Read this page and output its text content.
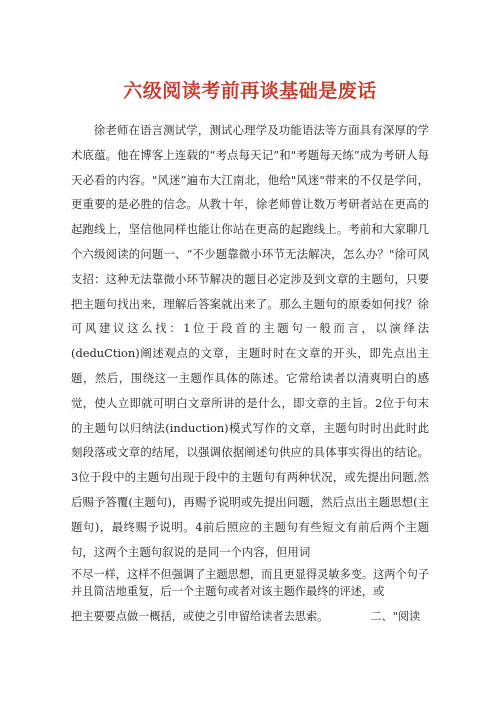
六级阅读考前再谈基础是废话

徐老师在语言测试学，测试心理学及功能语法等方面具有深厚的学术底蕴。他在博客上连载的“考点每天记”和"考题每天练”成为考研人每天必看的内容。"风迷”遍布大江南北，他给"风迷"带来的不仅是学问，更重要的是必胜的信念。从教十年，徐老师曾让数万考研者站在更高的起跑线上，坚信他同样也能让你站在更高的起跑线上。考前和大家聊几个六级阅读的问题一、“不少题靠微小环节无法解决，怎么办？"徐可风支招：这种无法靠微小环节解决的题目必定涉及到文章的主题句，只要把主题句找出来，理解后答案就出来了。那么主题句的原委如何找？徐可风建议这么找：1位于段首的主题句一般而言，以演绎法(deduCtion)阐述观点的文章，主题时时在文章的开头，即先点出主题，然后，围绕这一主题作具体的陈述。它常给读者以清爽明白的感觉，使人立即就可明白文章所讲的是什么，即文章的主旨。2位于句末的主题句以归纳法(induction)模式写作的文章，主题句时时出此时此刻段落或文章的结尾，以强调依据阐述句供应的具体事实得出的结论。3位于段中的主题句出现于段中的主题句有两种状况，或先提出问题,然后赐予答覆(主题句)，再赐予说明或先提出问题，然后点出主题思想(主题句)，最终赐予说明。4前后照应的主题句有些短文有前后两个主题句，这两个主题句叙说的是同一个内容，但用词

不尽一样，这样不但强调了主题思想，而且更显得灵敏多变。这两个句子并且简洁地重复，后一个主题句或者对该主题作最终的评述，或

把主要要点做一概括，或使之引申留给读者去思索。	二、"阅读
